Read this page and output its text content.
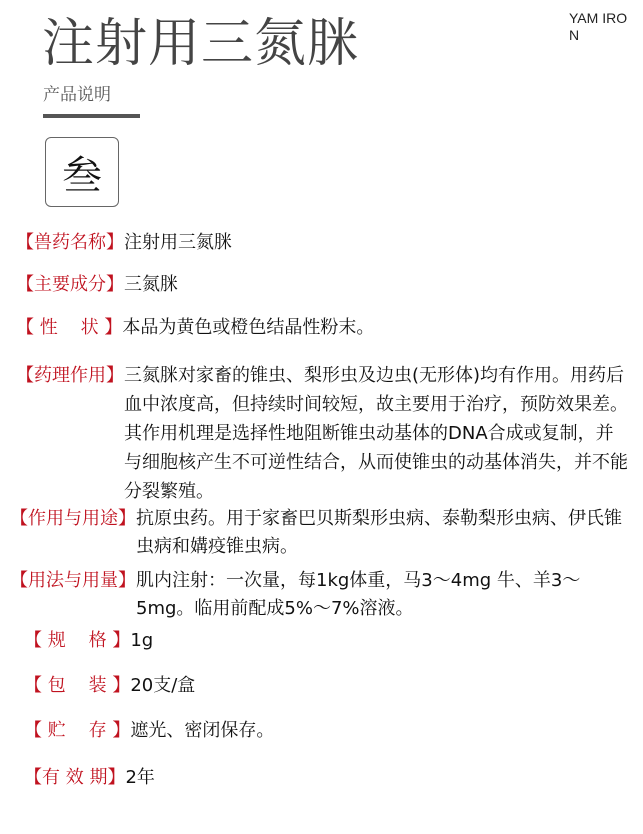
注射用三氮脒	YAM IRO N
产品说明
叁
【兽药名称】 注射用三氮脒
【主要成分】 三氮脒
【 性    状 】 本品为黄色或橙色结晶性粉末。
【药理作用】 三氮脒对家畜的锥虫、梨形虫及边虫(无形体)均有作用。用药后血中浓度高，但持续时间较短，故主要用于治疗，预防效果差。其作用机理是选择性地阻断锥虫动基体的DNA合成或复制，并与细胞核产生不可逆性结合，从而使锥虫的动基体消失，并不能分裂繁殖。
【作用与用途】 抗原虫药。用于家畜巴贝斯梨形虫病、泰勒梨形虫病、伊氏锥虫病和媾疫锥虫病。
【用法与用量】 肌内注射：一次量，每1kg体重，马3～4mg 牛、羊3～5mg。临用前配成5%～7%溶液。
【 规    格 】 1g
【 包    装 】 20支/盒
【 贮    存 】 遮光、密闭保存。
【有 效 期】 2年
